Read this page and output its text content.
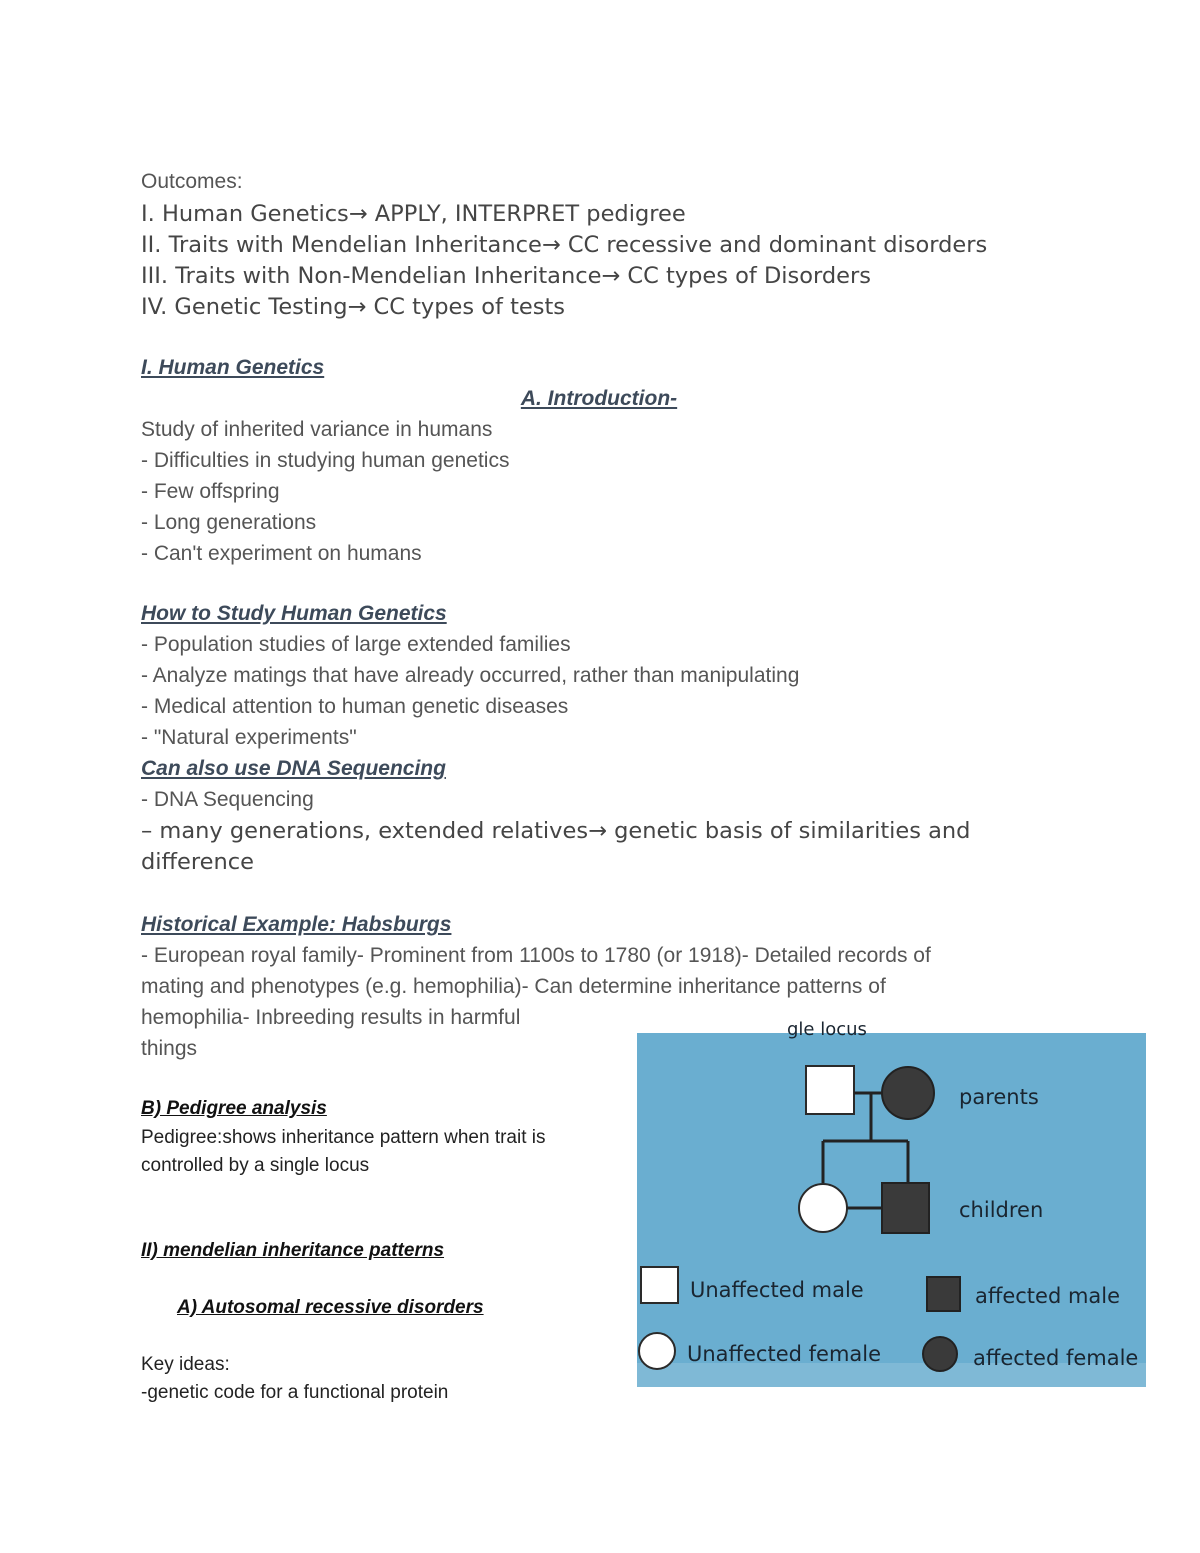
Outcomes:
I. Human Genetics→ APPLY, INTERPRET pedigree
II. Traits with Mendelian Inheritance→ CC recessive and dominant disorders
III. Traits with Non-Mendelian Inheritance→ CC types of Disorders
IV. Genetic Testing→ CC types of tests
I. Human Genetics
A. Introduction-
Study of inherited variance in humans
- Difficulties in studying human genetics
- Few offspring
- Long generations
- Can't experiment on humans
How to Study Human Genetics
- Population studies of large extended families
- Analyze matings that have already occurred, rather than manipulating
- Medical attention to human genetic diseases
- "Natural experiments"
Can also use DNA Sequencing
- DNA Sequencing
– many generations, extended relatives→ genetic basis of similarities and
difference
Historical Example: Habsburgs
- European royal family- Prominent from 1100s to 1780 (or 1918)- Detailed records of
mating and phenotypes (e.g. hemophilia)- Can determine inheritance patterns of
hemophilia- Inbreeding results in harmful
things
B) Pedigree analysis
Pedigree:shows inheritance pattern when trait is
controlled by a single locus
II) mendelian inheritance patterns
A) Autosomal recessive disorders
Key ideas:
-genetic code for a functional protein
gle locus
parents
children
Unaffected male	affected male
Unaffected female	affected female
